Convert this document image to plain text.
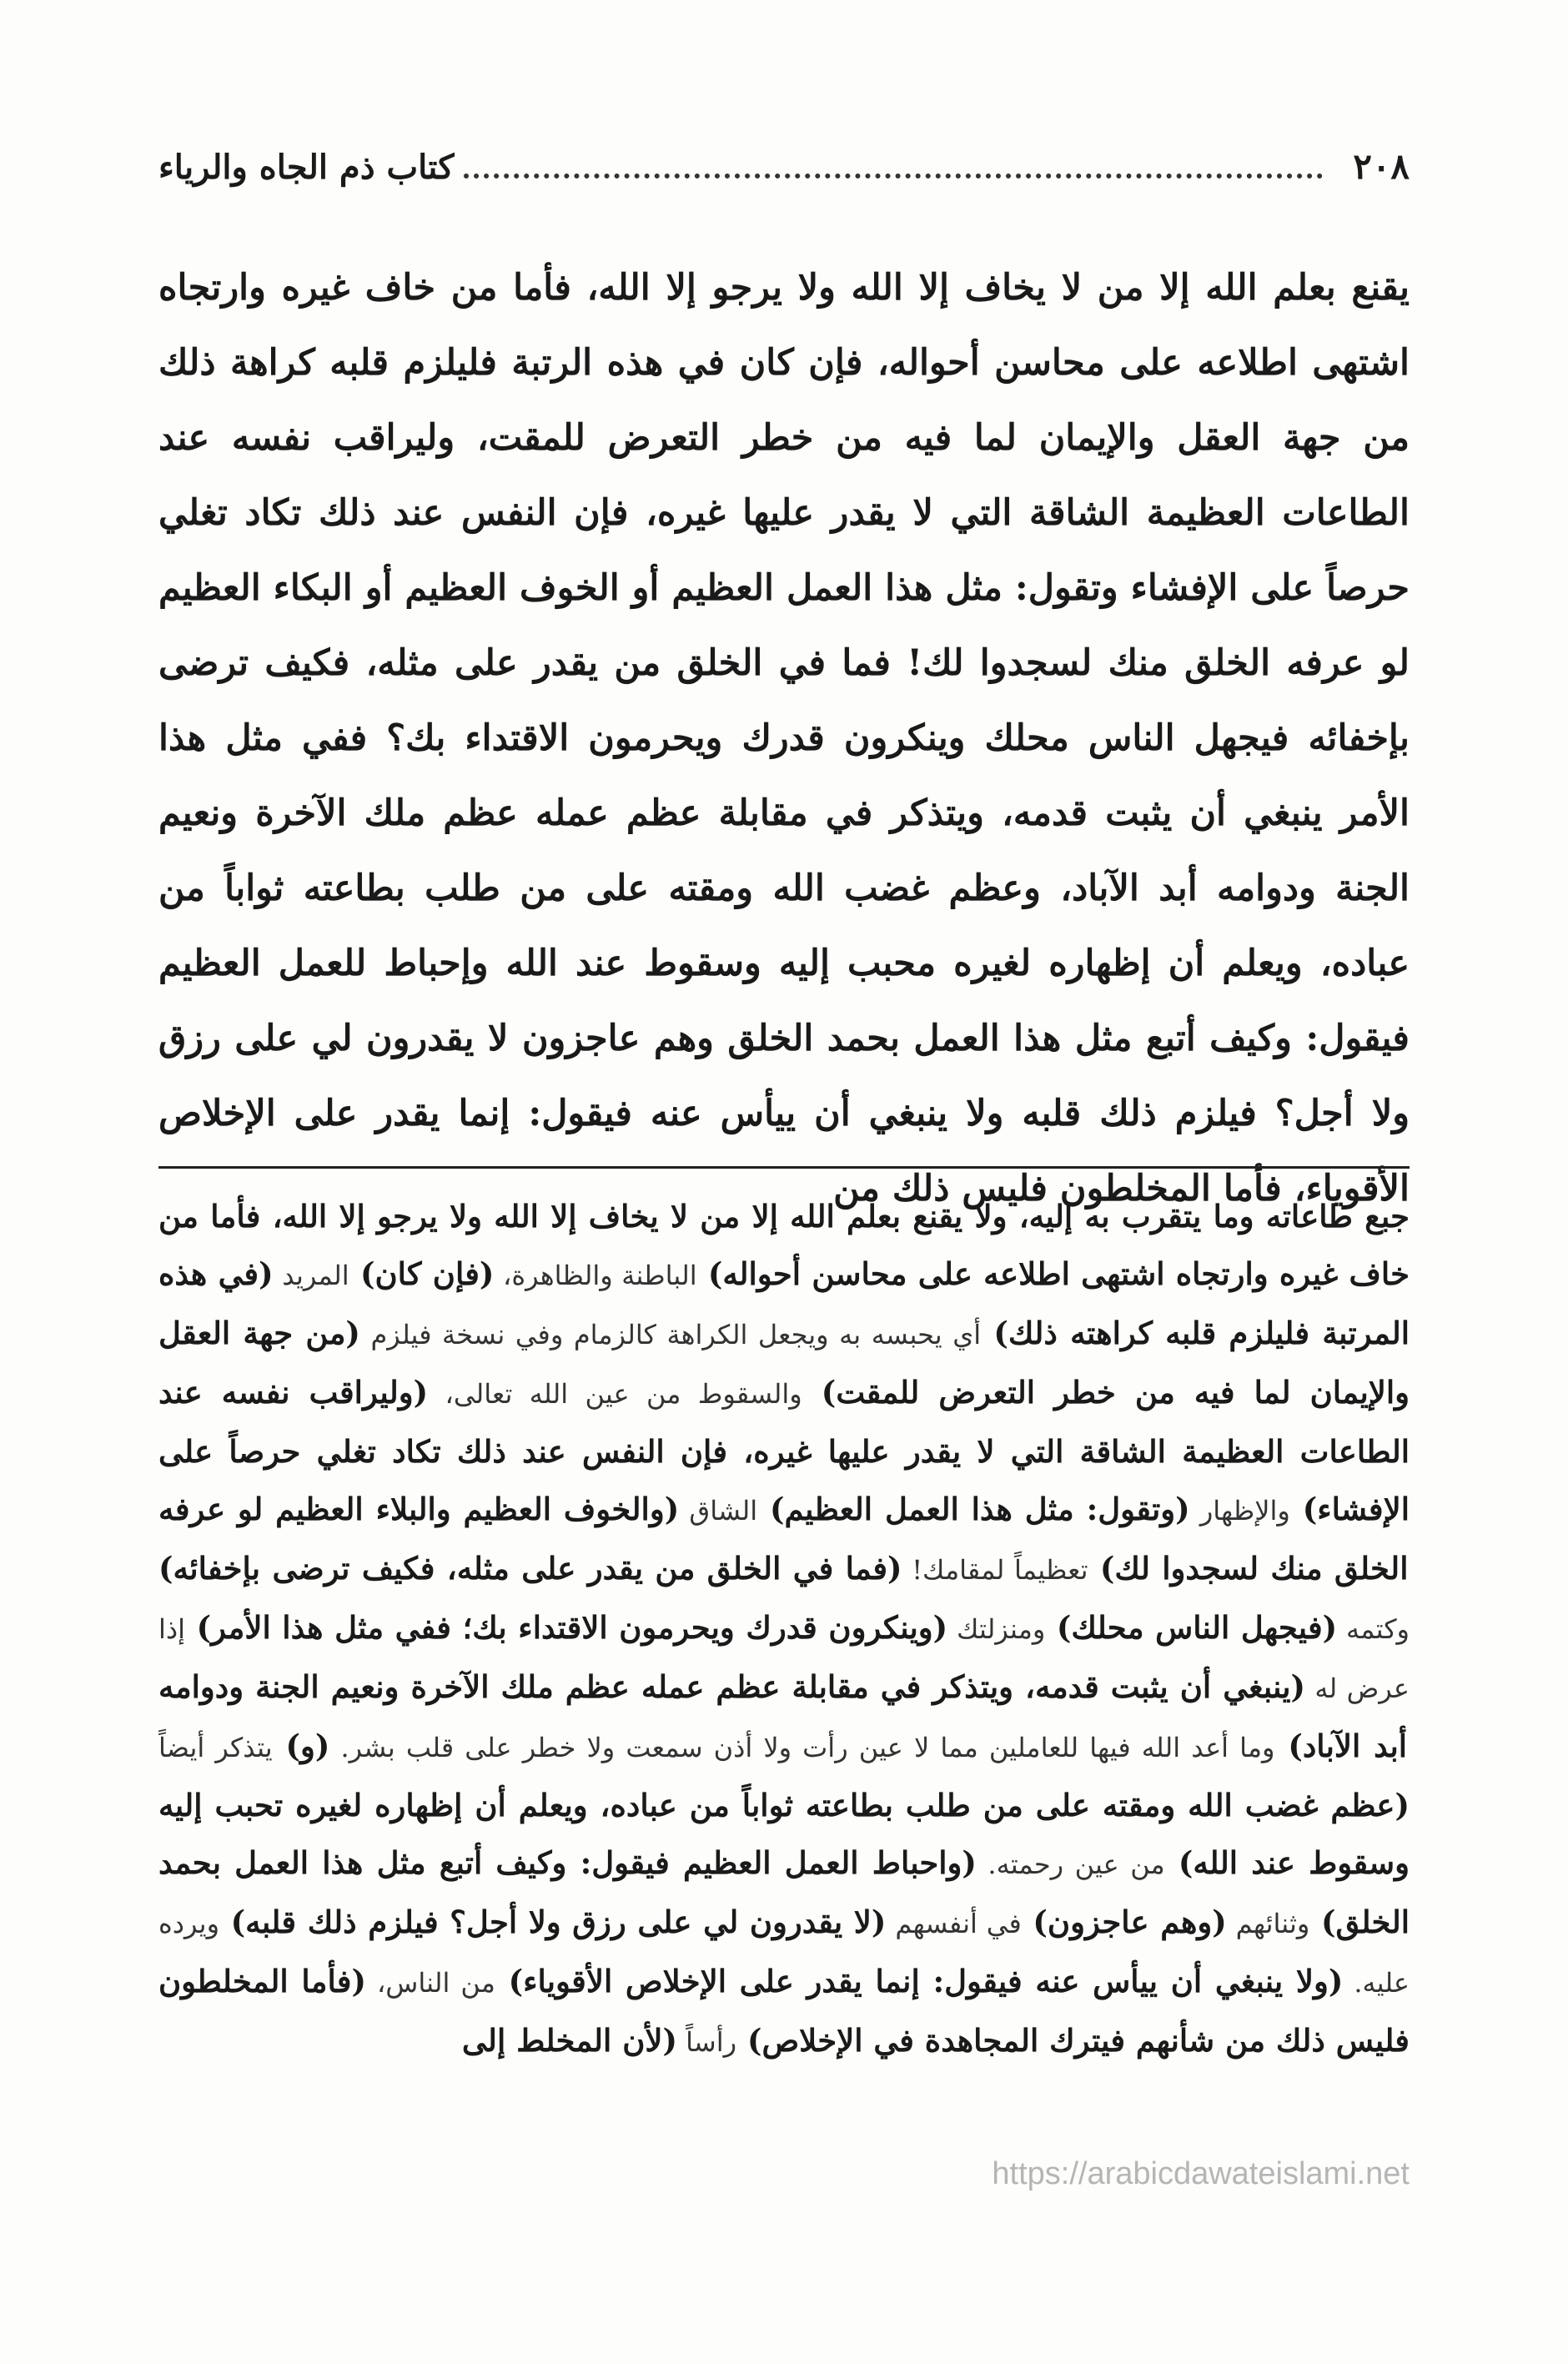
٢٠٨
كتاب ذم الجاه والرياء
يقنع بعلم الله إلا من لا يخاف إلا الله ولا يرجو إلا الله، فأما من خاف غيره وارتجاه اشتهى اطلاعه على محاسن أحواله، فإن كان في هذه الرتبة فليلزم قلبه كراهة ذلك من جهة العقل والإيمان لما فيه من خطر التعرض للمقت، وليراقب نفسه عند الطاعات العظيمة الشاقة التي لا يقدر عليها غيره، فإن النفس عند ذلك تكاد تغلي حرصاً على الإفشاء وتقول: مثل هذا العمل العظيم أو الخوف العظيم أو البكاء العظيم لو عرفه الخلق منك لسجدوا لك! فما في الخلق من يقدر على مثله، فكيف ترضى بإخفائه فيجهل الناس محلك وينكرون قدرك ويحرمون الاقتداء بك؟ ففي مثل هذا الأمر ينبغي أن يثبت قدمه، ويتذكر في مقابلة عظم عمله عظم ملك الآخرة ونعيم الجنة ودوامه أبد الآباد، وعظم غضب الله ومقته على من طلب بطاعته ثواباً من عباده، ويعلم أن إظهاره لغيره محبب إليه وسقوط عند الله وإحباط للعمل العظيم فيقول: وكيف أتبع مثل هذا العمل بحمد الخلق وهم عاجزون لا يقدرون لي على رزق ولا أجل؟ فيلزم ذلك قلبه ولا ينبغي أن ييأس عنه فيقول: إنما يقدر على الإخلاص الأقوياء، فأما المخلطون فليس ذلك من
جبع طاعاته وما يتقرب به إليه، ولا يقنع بعلم الله إلا من لا يخاف إلا الله ولا يرجو إلا الله، فأما من خاف غيره وارتجاه اشتهى اطلاعه على محاسن أحواله) الباطنة والظاهرة، (فإن كان) المريد (في هذه المرتبة فليلزم قلبه كراهته ذلك) أي يحبسه به ويجعل الكراهة كالزمام وفي نسخة فيلزم (من جهة العقل والإيمان لما فيه من خطر التعرض للمقت) والسقوط من عين الله تعالى، (وليراقب نفسه عند الطاعات العظيمة الشاقة التي لا يقدر عليها غيره، فإن النفس عند ذلك تكاد تغلي حرصاً على الإفشاء) والإظهار (وتقول: مثل هذا العمل العظيم) الشاق (والخوف العظيم والبلاء العظيم لو عرفه الخلق منك لسجدوا لك) تعظيماً لمقامك! (فما في الخلق من يقدر على مثله، فكيف ترضى بإخفائه) وكتمه (فيجهل الناس محلك) ومنزلتك (وينكرون قدرك ويحرمون الاقتداء بك؛ ففي مثل هذا الأمر) إذا عرض له (ينبغي أن يثبت قدمه، ويتذكر في مقابلة عظم عمله عظم ملك الآخرة ونعيم الجنة ودوامه أبد الآباد) وما أعد الله فيها للعاملين مما لا عين رأت ولا أذن سمعت ولا خطر على قلب بشر. (و) يتذكر أيضاً (عظم غضب الله ومقته على من طلب بطاعته ثواباً من عباده، ويعلم أن إظهاره لغيره تحبب إليه وسقوط عند الله) من عين رحمته. (واحباط العمل العظيم فيقول: وكيف أتبع مثل هذا العمل بحمد الخلق) وثنائهم (وهم عاجزون) في أنفسهم (لا يقدرون لي على رزق ولا أجل؟ فيلزم ذلك قلبه) ويرده عليه. (ولا ينبغي أن ييأس عنه فيقول: إنما يقدر على الإخلاص الأقوياء) من الناس، (فأما المخلطون فليس ذلك من شأنهم فيترك المجاهدة في الإخلاص) رأساً (لأن المخلط إلى
https://arabicdawateislami.net
